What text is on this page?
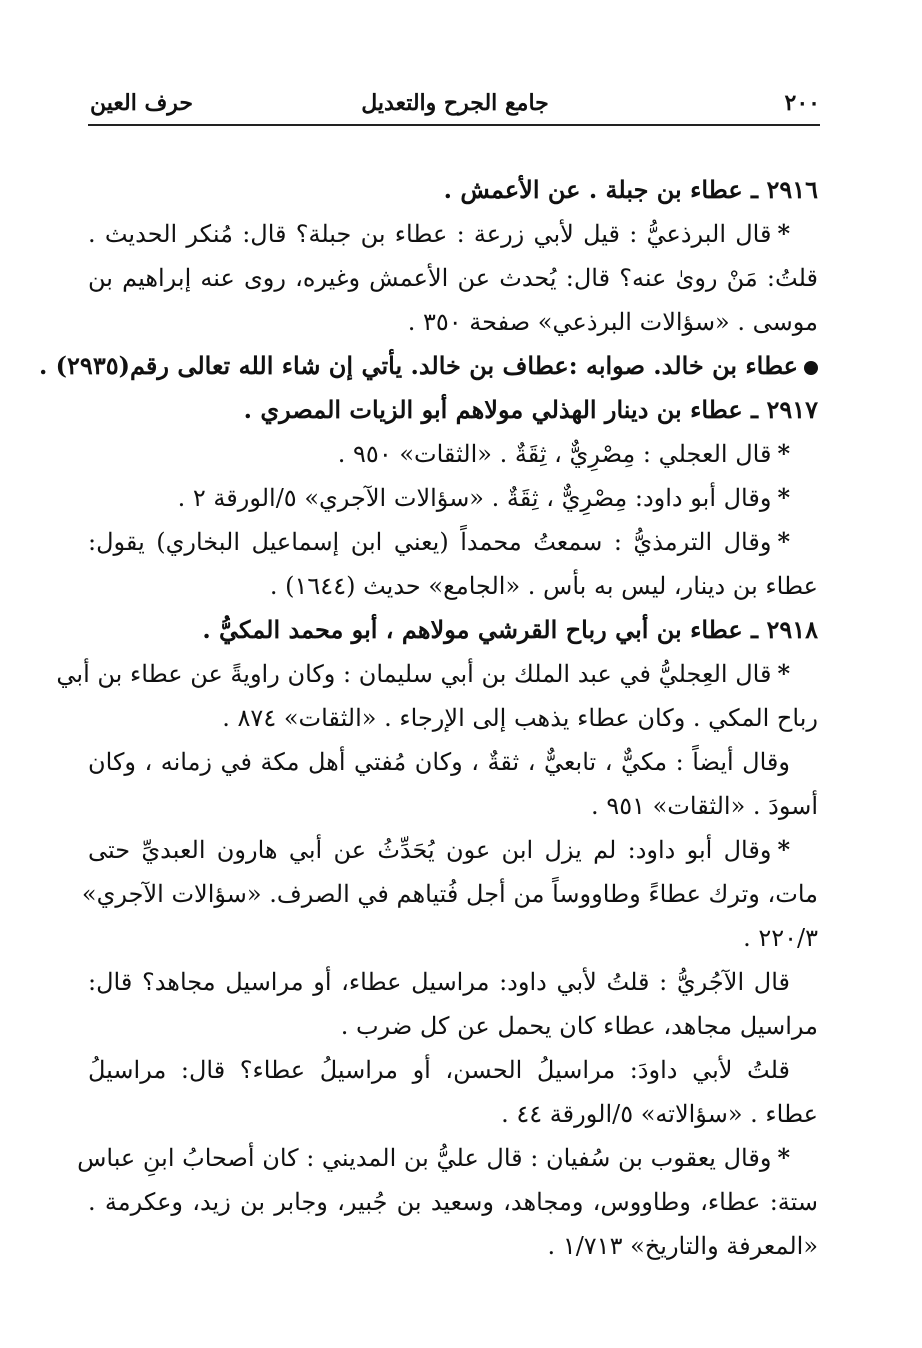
٢٠٠
جامع الجرح والتعديل
حرف العين
٢٩١٦ ـ عطاء بن جبلة . عن الأعمش .
*قال البرذعيُّ : قيل لأبي زرعة : عطاء بن جبلة؟ قال: مُنكر الحديث .
قلتُ: مَنْ روىٰ عنه؟ قال: يُحدث عن الأعمش وغيره، روى عنه إبراهيم بن
موسى . «سؤالات البرذعي» صفحة ٣٥٠ .
عطاء بن خالد. صوابه :عطاف بن خالد. يأتي إن شاء الله تعالى رقم(٢٩٣٥) .
٢٩١٧ ـ عطاء بن دينار الهذلي مولاهم أبو الزيات المصري .
*قال العجلي : مِصْرِيٌّ ، ثِقَةٌ . «الثقات» ٩٥٠ .
*وقال أبو داود: مِصْرِيٌّ ، ثِقَةٌ . «سؤالات الآجري» ٥/الورقة ٢ .
*وقال الترمذيُّ : سمعتُ محمداً (يعني ابن إسماعيل البخاري) يقول:
عطاء بن دينار، ليس به بأس . «الجامع» حديث (١٦٤٤) .
٢٩١٨ ـ عطاء بن أبي رباح القرشي مولاهم ، أبو محمد المكيُّ .
*قال العِجليُّ في عبد الملك بن أبي سليمان : وكان راويةً عن عطاء بن أبي
رباح المكي . وكان عطاء يذهب إلى الإرجاء . «الثقات» ٨٧٤ .
وقال أيضاً : مكيٌّ ، تابعيٌّ ، ثقةٌ ، وكان مُفتي أهل مكة في زمانه ، وكان
أسودَ . «الثقات» ٩٥١ .
*وقال أبو داود: لم يزل ابن عون يُحَدِّثُ عن أبي هارون العبديِّ حتى
مات، وترك عطاءً وطاووساً من أجل فُتياهم في الصرف. «سؤالات الآجري»
٢٢٠/٣ .
قال الآجُريُّ : قلتُ لأبي داود: مراسيل عطاء، أو مراسيل مجاهد؟ قال:
مراسيل مجاهد، عطاء كان يحمل عن كل ضرب .
قلتُ لأبي داودَ: مراسيلُ الحسن، أو مراسيلُ عطاء؟ قال: مراسيلُ
عطاء . «سؤالاته» ٥/الورقة ٤٤ .
*وقال يعقوب بن سُفيان : قال عليُّ بن المديني : كان أصحابُ ابنِ عباس
ستة: عطاء، وطاووس، ومجاهد، وسعيد بن جُبير، وجابر بن زيد، وعكرمة .
«المعرفة والتاريخ» ١/٧١٣ .
